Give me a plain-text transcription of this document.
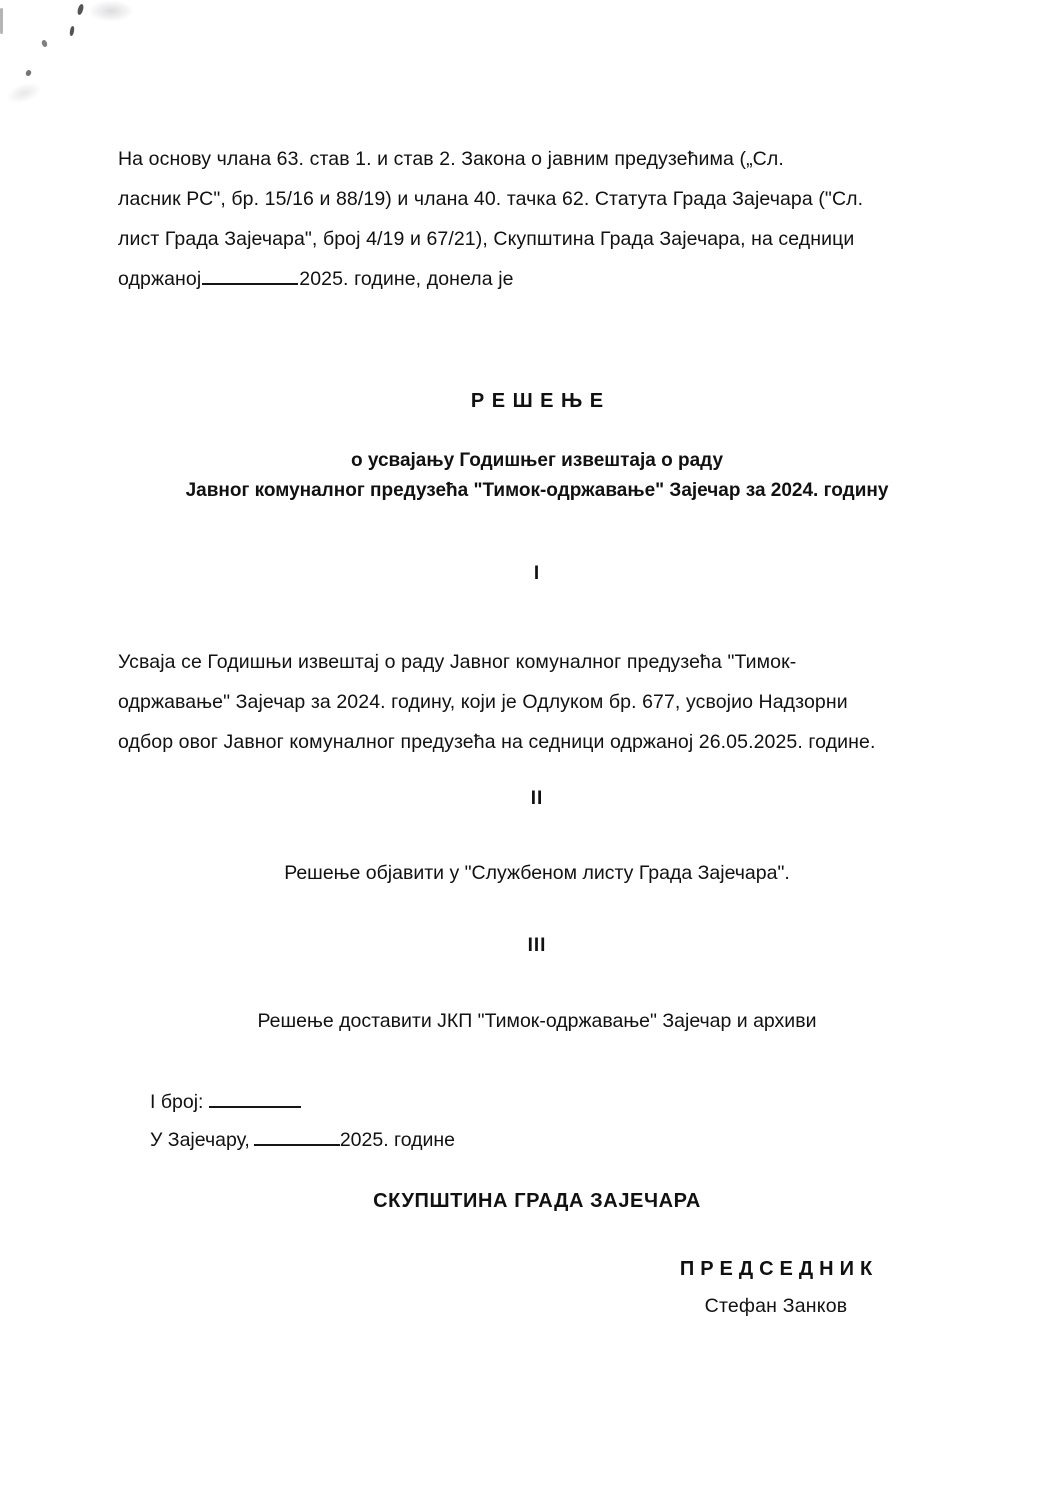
На основу члана 63. став 1. и став 2. Закона о јавним предузећима („Сл.
ласник РС", бр. 15/16 и 88/19) и члана 40. тачка 62. Статута Града Зајечара ("Сл.
лист Града Зајечара", број 4/19 и 67/21), Скупштина Града Зајечара, на седници
одржаној	2025. године, донела је
РЕШЕЊЕ
о усвајању Годишњег извештаја о раду
Јавног комуналног предузећа "Тимок-одржавање" Зајечар за 2024. годину
I
Усваја се Годишњи извештај о раду Јавног комуналног предузећа "Тимок-
одржавање" Зајечар за 2024. годину, који је Одлуком бр. 677, усвојио Надзорни
одбор овог Јавног комуналног предузећа на седници одржаној 26.05.2025. године.
II
Решење објавити у "Службеном листу Града Зајечара".
III
Решење доставити ЈКП "Тимок-одржавање" Зајечар и архиви
I број:
У Зајечару,	2025. године
СКУПШТИНА ГРАДА ЗАЈЕЧАРА
ПРЕДСЕДНИК
Стефан Занков
